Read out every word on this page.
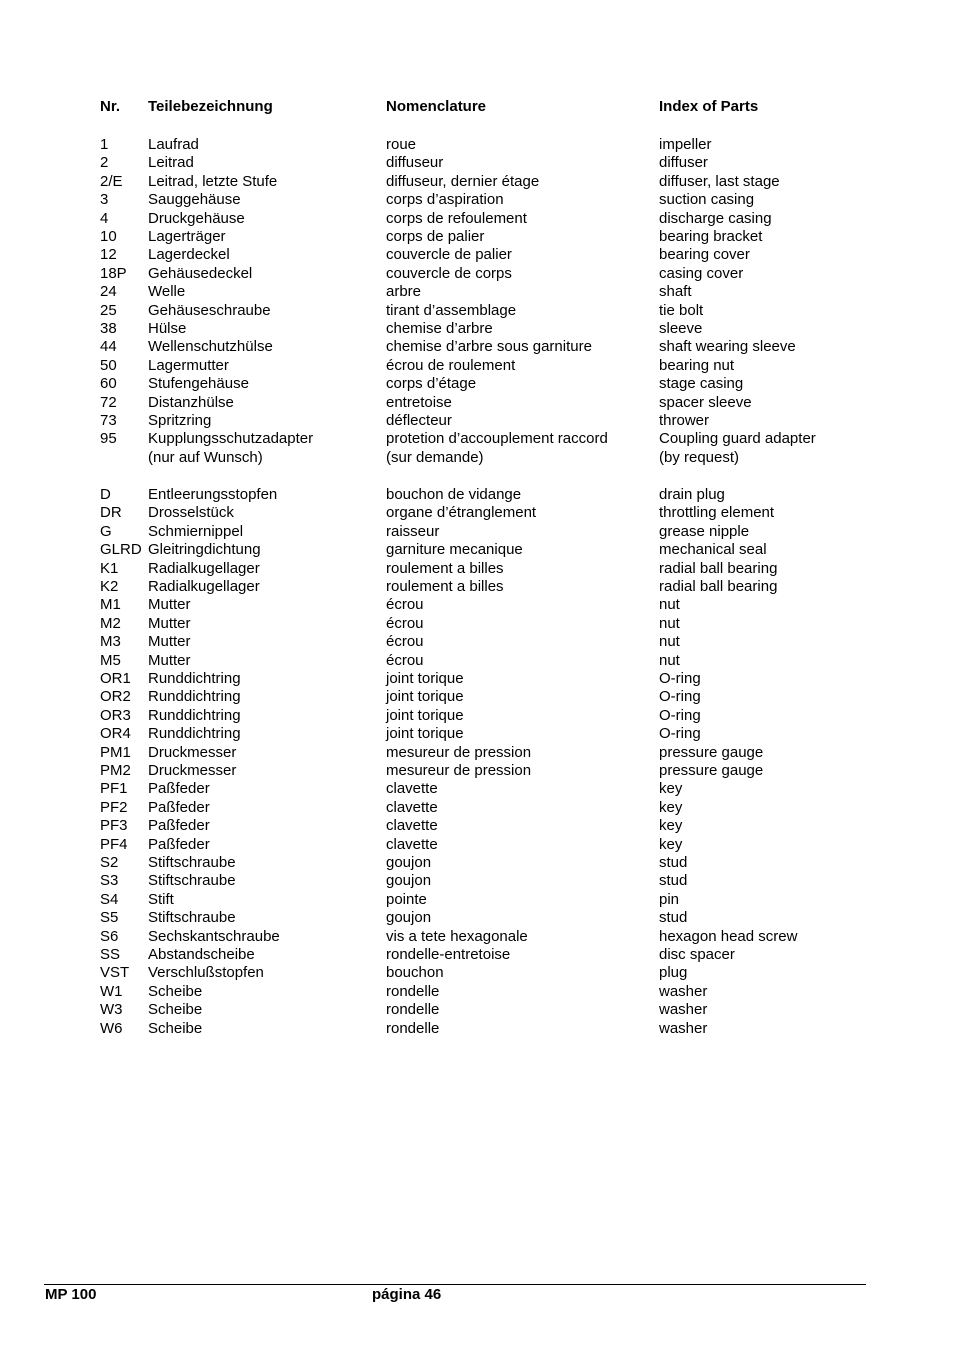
Nr. Teilebezeichnung	Nomenclature	Index of Parts
1	Laufrad	roue	impeller
2	Leitrad	diffuseur	diffuser
2/E Leitrad, letzte Stufe	diffuseur, dernier étage	diffuser, last stage
3	Sauggehäuse	corps d’aspiration	suction casing
4	Druckgehäuse	corps de refoulement	discharge casing
10 Lagerträger	corps de palier	bearing bracket
12 Lagerdeckel	couvercle de palier	bearing cover
18P Gehäusedeckel	couvercle de corps	casing cover
24 Welle	arbre	shaft
25 Gehäuseschraube	tirant d’assemblage	tie bolt
38 Hülse	chemise d’arbre	sleeve
44 Wellenschutzhülse	chemise d’arbre sous garniture	shaft wearing sleeve
50 Lagermutter	écrou de roulement	bearing nut
60 Stufengehäuse	corps d’étage	stage casing
72 Distanzhülse	entretoise	spacer sleeve
73 Spritzring	déflecteur	thrower
95 Kupplungsschutzadapter	protetion d’accouplement raccord	Coupling guard adapter
(nur auf Wunsch)	(sur demande)	(by request)
D Entleerungsstopfen	bouchon de vidange	drain plug
DR Drosselstück	organe d’étranglement	throttling element
G Schmiernippel	raisseur	grease nipple
GLRD Gleitringdichtung	garniture mecanique	mechanical seal
K1 Radialkugellager	roulement a billes	radial ball bearing
K2 Radialkugellager	roulement a billes	radial ball bearing
M1 Mutter	écrou	nut
M2 Mutter	écrou	nut
M3 Mutter	écrou	nut
M5 Mutter	écrou	nut
OR1 Runddichtring	joint torique	O-ring
OR2 Runddichtring	joint torique	O-ring
OR3 Runddichtring	joint torique	O-ring
OR4 Runddichtring	joint torique	O-ring
PM1 Druckmesser	mesureur de pression	pressure gauge
PM2 Druckmesser	mesureur de pression	pressure gauge
PF1 Paßfeder	clavette	key
PF2 Paßfeder	clavette	key
PF3 Paßfeder	clavette	key
PF4 Paßfeder	clavette	key
S2 Stiftschraube	goujon	stud
S3 Stiftschraube	goujon	stud
S4 Stift	pointe	pin
S5 Stiftschraube	goujon	stud
S6 Sechskantschraube	vis a tete hexagonale	hexagon head screw
SS Abstandscheibe	rondelle-entretoise	disc spacer
VST Verschlußstopfen	bouchon	plug
W1 Scheibe	rondelle	washer
W3 Scheibe	rondelle	washer
W6 Scheibe	rondelle	washer
MP 100	página 46
